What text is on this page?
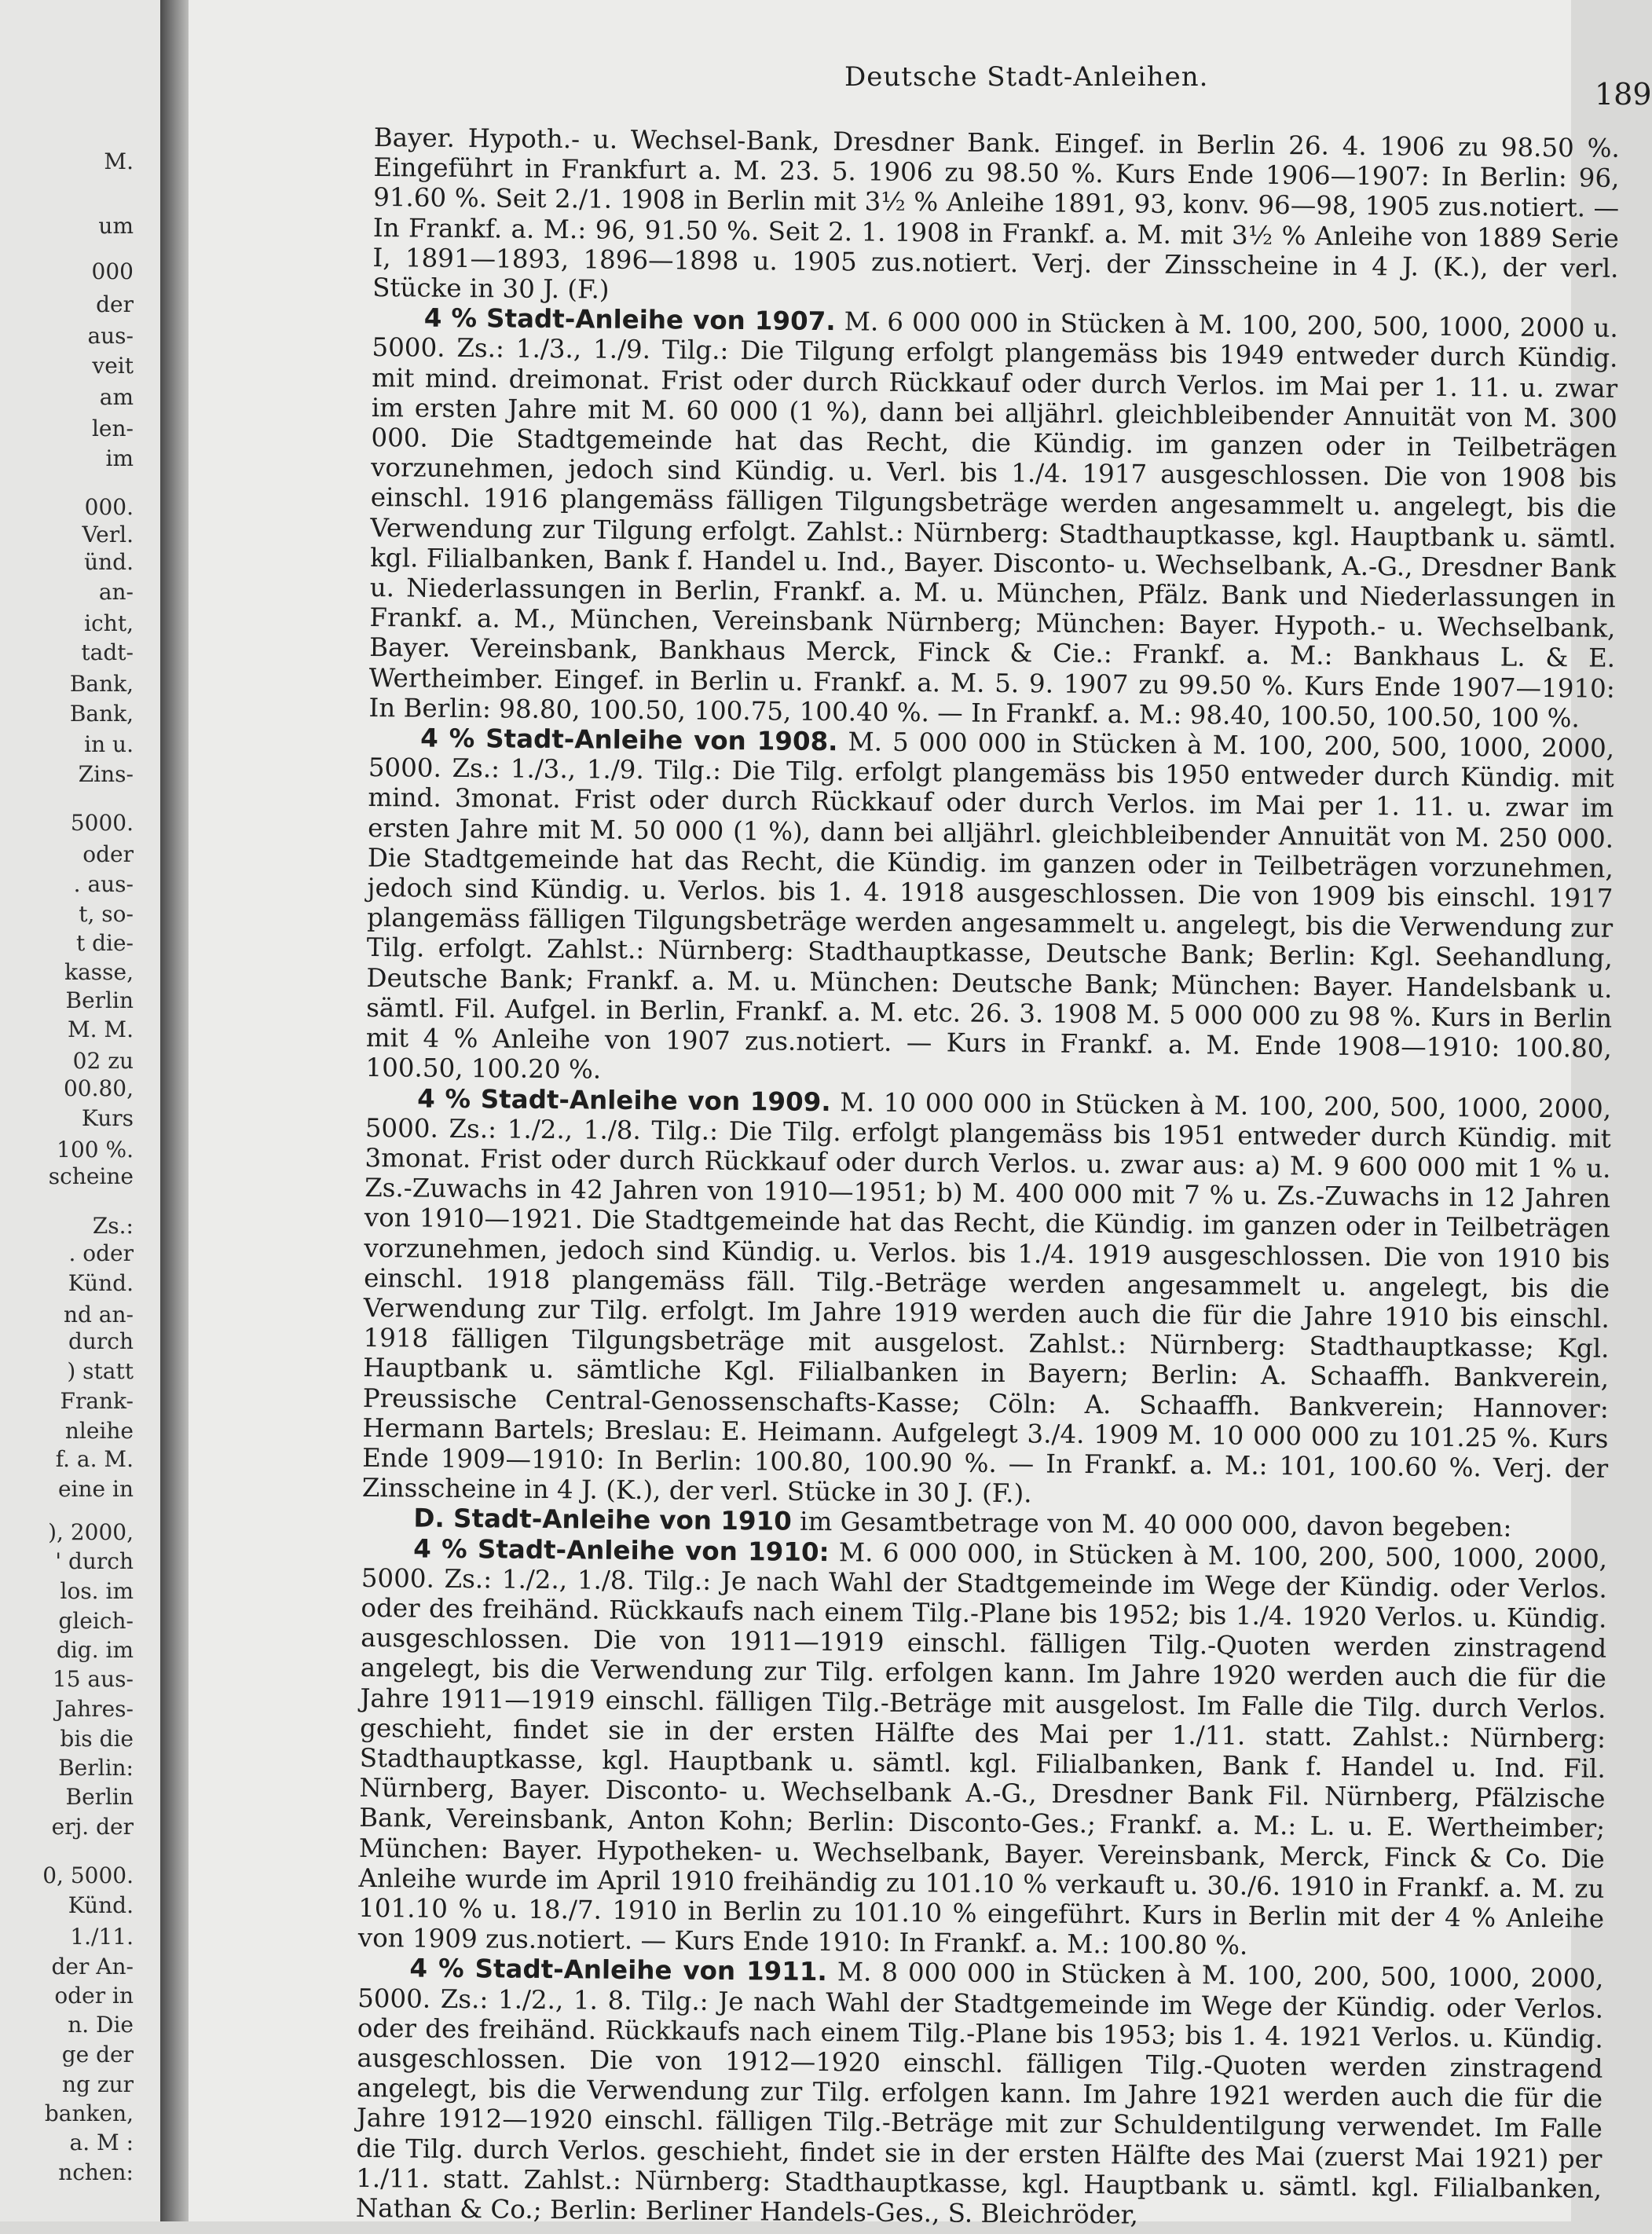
Deutsche Stadt-Anleihen.	189

Bayer. Hypoth.- u. Wechsel-Bank, Dresdner Bank. Eingef. in Berlin 26. 4. 1906 zu 98.50 %. Eingeführt in Frankfurt a. M. 23. 5. 1906 zu 98.50 %. Kurs Ende 1906—1907: In Berlin: 96, 91.60 %. Seit 2./1. 1908 in Berlin mit 3½ % Anleihe 1891, 93, konv. 96—98, 1905 zus.notiert. — In Frankf. a. M.: 96, 91.50 %. Seit 2. 1. 1908 in Frankf. a. M. mit 3½ % Anleihe von 1889 Serie I, 1891—1893, 1896—1898 u. 1905 zus.notiert. Verj. der Zinsscheine in 4 J. (K.), der verl. Stücke in 30 J. (F.)

4 % Stadt-Anleihe von 1907. M. 6 000 000 in Stücken à M. 100, 200, 500, 1000, 2000 u. 5000. Zs.: 1./3., 1./9. Tilg.: Die Tilgung erfolgt plangemäss bis 1949 entweder durch Kündig. mit mind. dreimonat. Frist oder durch Rückkauf oder durch Verlos. im Mai per 1. 11. u. zwar im ersten Jahre mit M. 60 000 (1 %), dann bei alljährl. gleichbleibender Annuität von M. 300 000. Die Stadtgemeinde hat das Recht, die Kündig. im ganzen oder in Teilbeträgen vorzunehmen, jedoch sind Kündig. u. Verl. bis 1./4. 1917 ausgeschlossen. Die von 1908 bis einschl. 1916 plangemäss fälligen Tilgungsbeträge werden angesammelt u. angelegt, bis die Verwendung zur Tilgung erfolgt. Zahlst.: Nürnberg: Stadthauptkasse, kgl. Hauptbank u. sämtl. kgl. Filialbanken, Bank f. Handel u. Ind., Bayer. Disconto- u. Wechselbank, A.-G., Dresdner Bank u. Niederlassungen in Berlin, Frankf. a. M. u. München, Pfälz. Bank und Niederlassungen in Frankf. a. M., München, Vereinsbank Nürnberg; München: Bayer. Hypoth.- u. Wechselbank, Bayer. Vereinsbank, Bankhaus Merck, Finck & Cie.: Frankf. a. M.: Bankhaus L. & E. Wertheimber. Eingef. in Berlin u. Frankf. a. M. 5. 9. 1907 zu 99.50 %. Kurs Ende 1907—1910: In Berlin: 98.80, 100.50, 100.75, 100.40 %. — In Frankf. a. M.: 98.40, 100.50, 100.50, 100 %.

4 % Stadt-Anleihe von 1908. M. 5 000 000 in Stücken à M. 100, 200, 500, 1000, 2000, 5000. Zs.: 1./3., 1./9. Tilg.: Die Tilg. erfolgt plangemäss bis 1950 entweder durch Kündig. mit mind. 3monat. Frist oder durch Rückkauf oder durch Verlos. im Mai per 1. 11. u. zwar im ersten Jahre mit M. 50 000 (1 %), dann bei alljährl. gleichbleibender Annuität von M. 250 000. Die Stadtgemeinde hat das Recht, die Kündig. im ganzen oder in Teilbeträgen vorzunehmen, jedoch sind Kündig. u. Verlos. bis 1. 4. 1918 ausgeschlossen. Die von 1909 bis einschl. 1917 plangemäss fälligen Tilgungsbeträge werden angesammelt u. angelegt, bis die Verwendung zur Tilg. erfolgt. Zahlst.: Nürnberg: Stadthauptkasse, Deutsche Bank; Berlin: Kgl. Seehandlung, Deutsche Bank; Frankf. a. M. u. München: Deutsche Bank; München: Bayer. Handelsbank u. sämtl. Fil. Aufgel. in Berlin, Frankf. a. M. etc. 26. 3. 1908 M. 5 000 000 zu 98 %. Kurs in Berlin mit 4 % Anleihe von 1907 zus.notiert. — Kurs in Frankf. a. M. Ende 1908—1910: 100.80, 100.50, 100.20 %.

4 % Stadt-Anleihe von 1909. M. 10 000 000 in Stücken à M. 100, 200, 500, 1000, 2000, 5000. Zs.: 1./2., 1./8. Tilg.: Die Tilg. erfolgt plangemäss bis 1951 entweder durch Kündig. mit 3monat. Frist oder durch Rückkauf oder durch Verlos. u. zwar aus: a) M. 9 600 000 mit 1 % u. Zs.-Zuwachs in 42 Jahren von 1910—1951; b) M. 400 000 mit 7 % u. Zs.-Zuwachs in 12 Jahren von 1910—1921. Die Stadtgemeinde hat das Recht, die Kündig. im ganzen oder in Teilbeträgen vorzunehmen, jedoch sind Kündig. u. Verlos. bis 1./4. 1919 ausgeschlossen. Die von 1910 bis einschl. 1918 plangemäss fäll. Tilg.-Beträge werden angesammelt u. angelegt, bis die Verwendung zur Tilg. erfolgt. Im Jahre 1919 werden auch die für die Jahre 1910 bis einschl. 1918 fälligen Tilgungsbeträge mit ausgelost. Zahlst.: Nürnberg: Stadthauptkasse; Kgl. Hauptbank u. sämtliche Kgl. Filialbanken in Bayern; Berlin: A. Schaaffh. Bankverein, Preussische Central-Genossenschafts-Kasse; Cöln: A. Schaaffh. Bankverein; Hannover: Hermann Bartels; Breslau: E. Heimann. Aufgelegt 3./4. 1909 M. 10 000 000 zu 101.25 %. Kurs Ende 1909—1910: In Berlin: 100.80, 100.90 %. — In Frankf. a. M.: 101, 100.60 %. Verj. der Zinsscheine in 4 J. (K.), der verl. Stücke in 30 J. (F.).

D. Stadt-Anleihe von 1910 im Gesamtbetrage von M. 40 000 000, davon begeben:

4 % Stadt-Anleihe von 1910: M. 6 000 000, in Stücken à M. 100, 200, 500, 1000, 2000, 5000. Zs.: 1./2., 1./8. Tilg.: Je nach Wahl der Stadtgemeinde im Wege der Kündig. oder Verlos. oder des freihänd. Rückkaufs nach einem Tilg.-Plane bis 1952; bis 1./4. 1920 Verlos. u. Kündig. ausgeschlossen. Die von 1911—1919 einschl. fälligen Tilg.-Quoten werden zinstragend angelegt, bis die Verwendung zur Tilg. erfolgen kann. Im Jahre 1920 werden auch die für die Jahre 1911—1919 einschl. fälligen Tilg.-Beträge mit ausgelost. Im Falle die Tilg. durch Verlos. geschieht, findet sie in der ersten Hälfte des Mai per 1./11. statt. Zahlst.: Nürnberg: Stadthauptkasse, kgl. Hauptbank u. sämtl. kgl. Filialbanken, Bank f. Handel u. Ind. Fil. Nürnberg, Bayer. Disconto- u. Wechselbank A.-G., Dresdner Bank Fil. Nürnberg, Pfälzische Bank, Vereinsbank, Anton Kohn; Berlin: Disconto-Ges.; Frankf. a. M.: L. u. E. Wertheimber; München: Bayer. Hypotheken- u. Wechselbank, Bayer. Vereinsbank, Merck, Finck & Co. Die Anleihe wurde im April 1910 freihändig zu 101.10 % verkauft u. 30./6. 1910 in Frankf. a. M. zu 101.10 % u. 18./7. 1910 in Berlin zu 101.10 % eingeführt. Kurs in Berlin mit der 4 % Anleihe von 1909 zus.notiert. — Kurs Ende 1910: In Frankf. a. M.: 100.80 %.

4 % Stadt-Anleihe von 1911. M. 8 000 000 in Stücken à M. 100, 200, 500, 1000, 2000, 5000. Zs.: 1./2., 1. 8. Tilg.: Je nach Wahl der Stadtgemeinde im Wege der Kündig. oder Verlos. oder des freihänd. Rückkaufs nach einem Tilg.-Plane bis 1953; bis 1. 4. 1921 Verlos. u. Kündig. ausgeschlossen. Die von 1912—1920 einschl. fälligen Tilg.-Quoten werden zinstragend angelegt, bis die Verwendung zur Tilg. erfolgen kann. Im Jahre 1921 werden auch die für die Jahre 1912—1920 einschl. fälligen Tilg.-Beträge mit zur Schuldentilgung verwendet. Im Falle die Tilg. durch Verlos. geschieht, findet sie in der ersten Hälfte des Mai (zuerst Mai 1921) per 1./11. statt. Zahlst.: Nürnberg: Stadthauptkasse, kgl. Hauptbank u. sämtl. kgl. Filialbanken, Nathan & Co.; Berlin: Berliner Handels-Ges., S. Bleichröder,

M.
um
000
der
aus-
veit
am
len-
im
000.
Verl.
ünd.
an-
icht,
tadt-
Bank,
Bank,
in u.
Zins-
5000.
oder
. aus-
t, so-
t die-
kasse,
Berlin
M. M.
02 zu
00.80,
Kurs
100 %.
scheine
Zs.:
. oder
Künd.
nd an-
durch
) statt
Frank-
nleihe
f. a. M.
eine in
), 2000,
' durch
los. im
gleich-
dig. im
15 aus-
Jahres-
bis die
Berlin:
Berlin
erj. der
0, 5000.
Künd.
1./11.
der An-
oder in
n. Die
ge der
ng zur
banken,
a. M :
nchen:
